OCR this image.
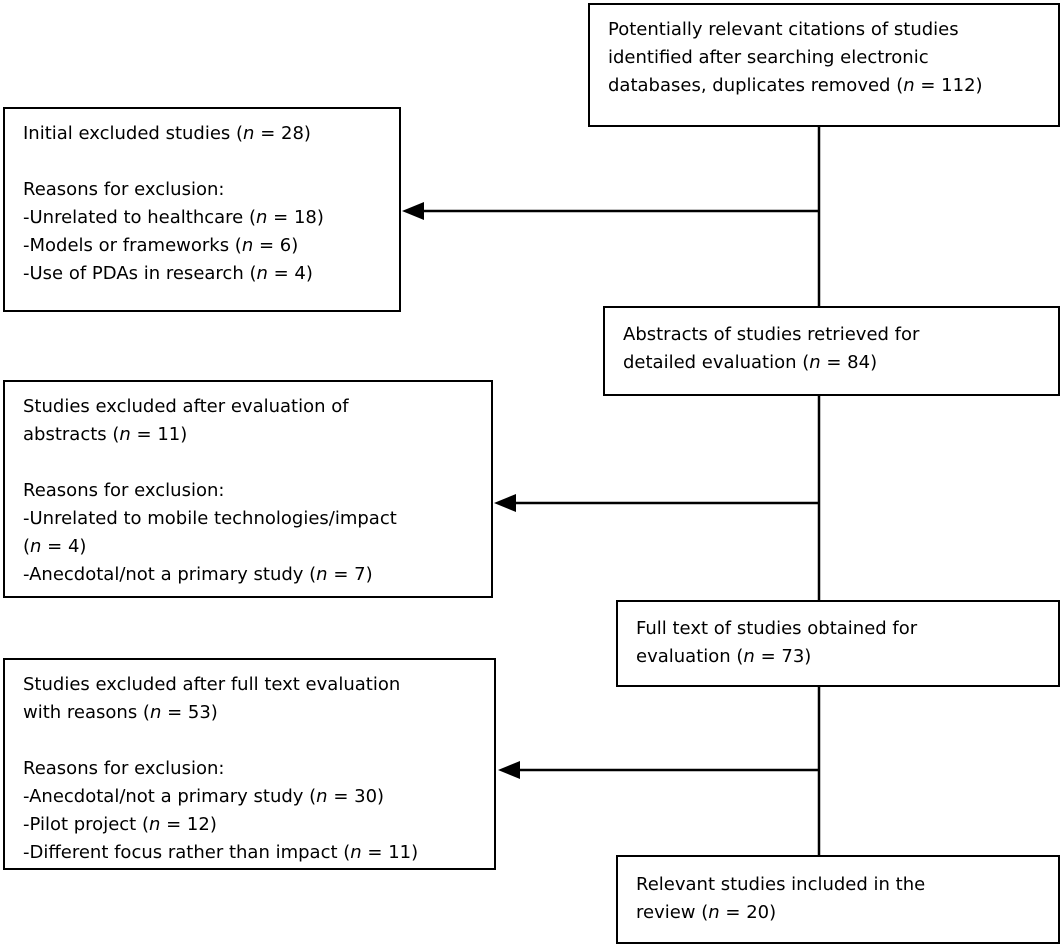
Potentially relevant citations of studies
identified after searching electronic
databases, duplicates removed (n = 112)
Initial excluded studies (n = 28)
Reasons for exclusion:
-Unrelated to healthcare (n = 18)
-Models or frameworks (n = 6)
-Use of PDAs in research (n = 4)
Abstracts of studies retrieved for
detailed evaluation (n = 84)
Studies excluded after evaluation of
abstracts (n = 11)
Reasons for exclusion:
-Unrelated to mobile technologies/impact
(n = 4)
-Anecdotal/not a primary study (n = 7)
Full text of studies obtained for
evaluation (n = 73)
Studies excluded after full text evaluation
with reasons (n = 53)
Reasons for exclusion:
-Anecdotal/not a primary study (n = 30)
-Pilot project (n = 12)
-Different focus rather than impact (n = 11)
Relevant studies included in the
review (n = 20)
